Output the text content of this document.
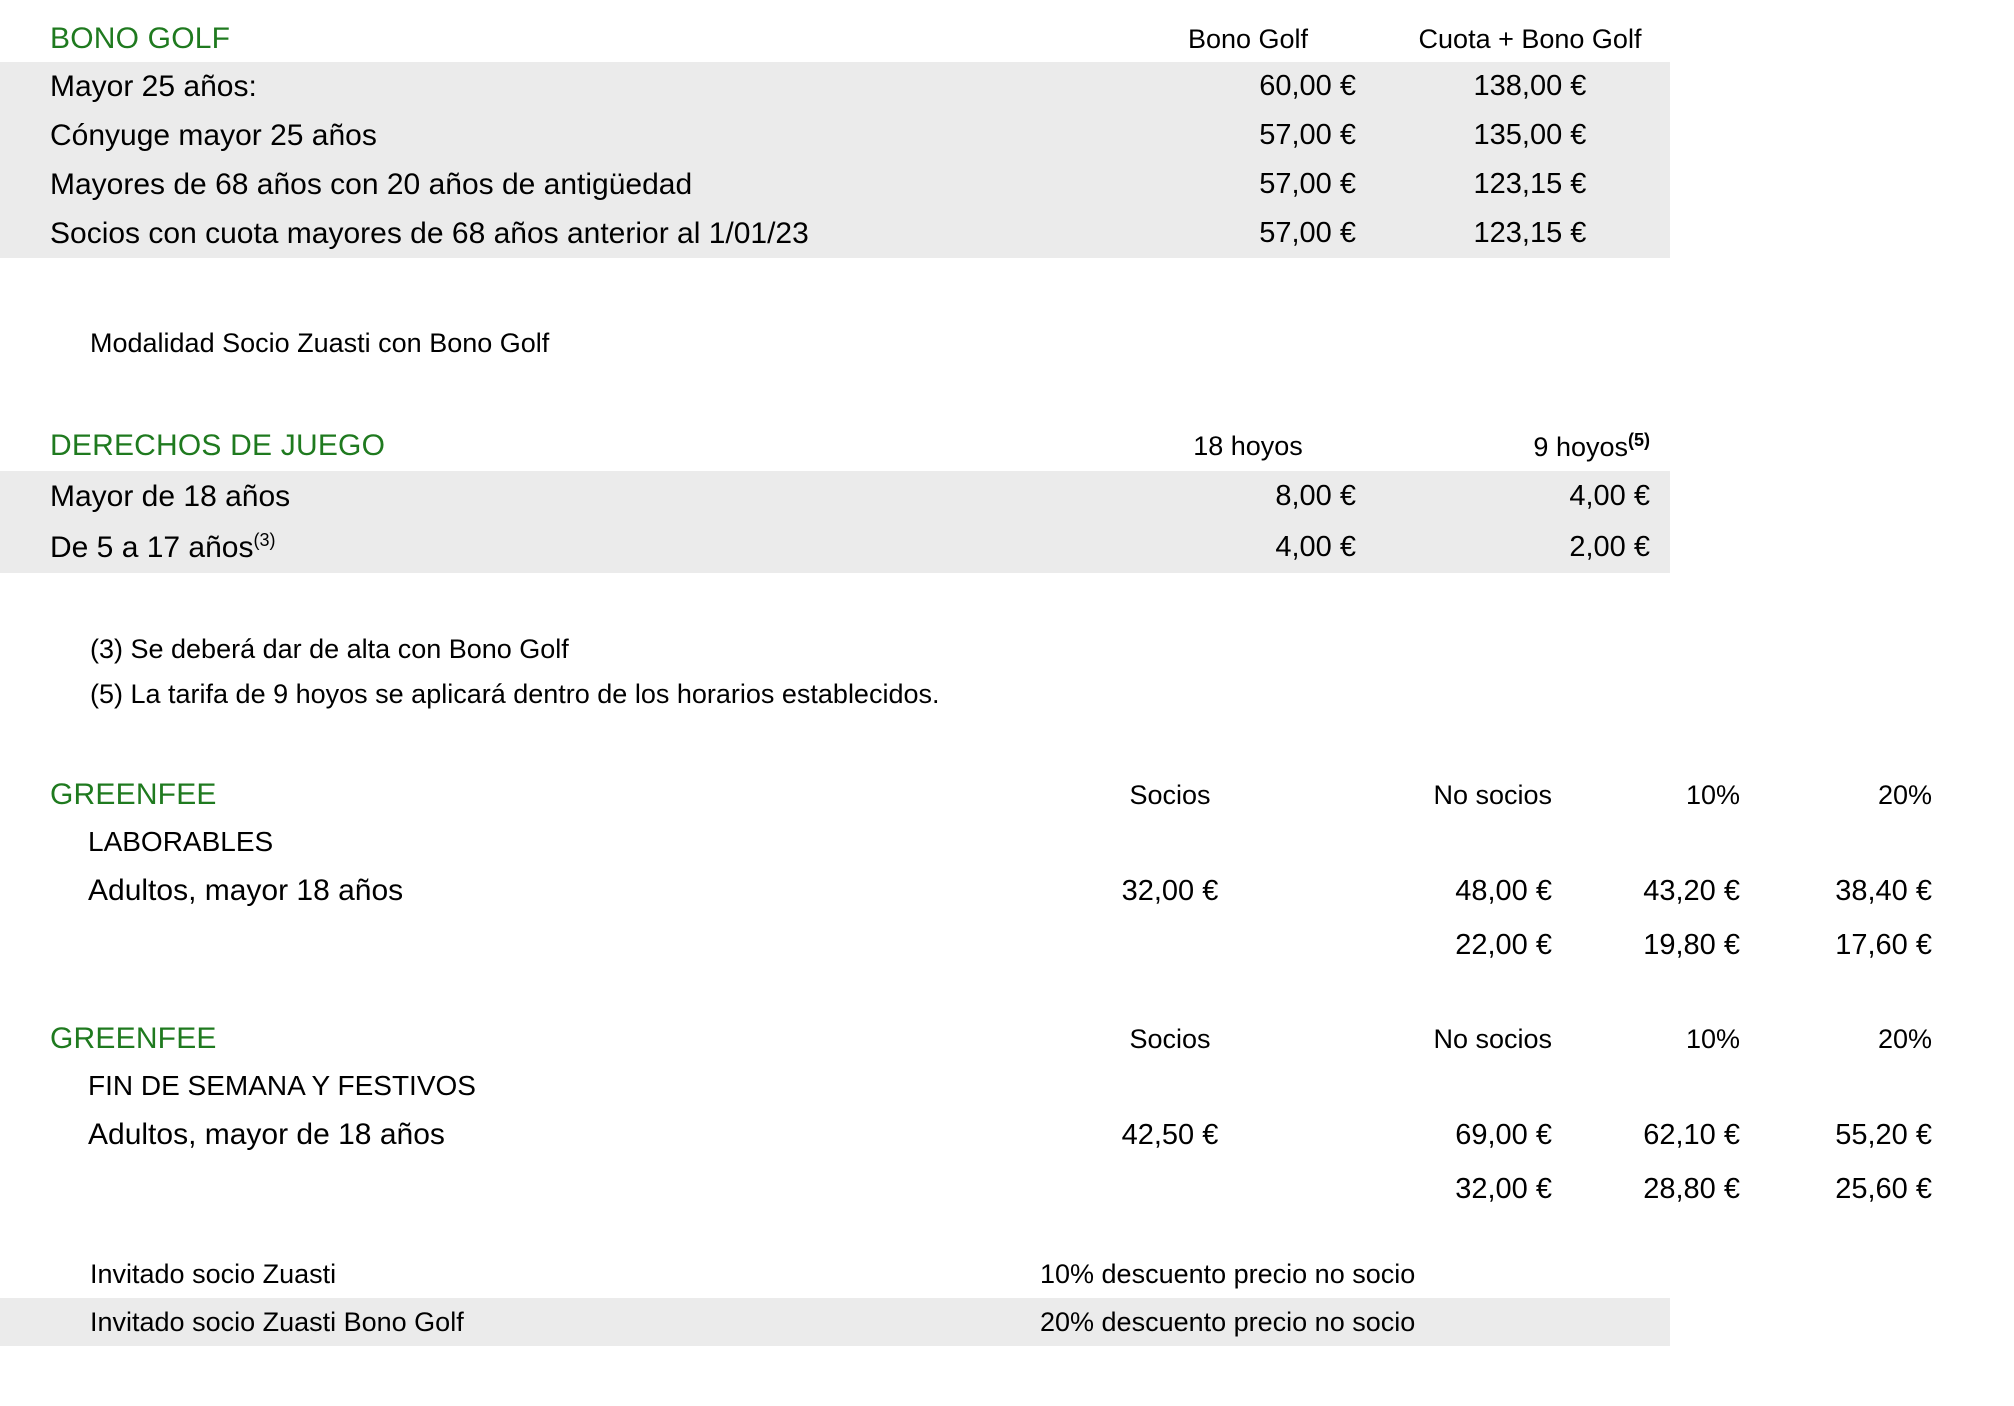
BONO GOLF	Bono Golf	Cuota + Bono Golf
Mayor 25 años:	60,00 €	138,00 €
Cónyuge mayor 25 años	57,00 €	135,00 €
Mayores de 68 años con 20 años de antigüedad	57,00 €	123,15 €
Socios con cuota mayores de 68 años anterior al 1/01/23	57,00 €	123,15 €
Modalidad Socio Zuasti con Bono Golf
DERECHOS DE JUEGO	18 hoyos	9 hoyos$^{(5)}$
Mayor de 18 años	8,00 €	4,00 €
De 5 a 17 años$^{(3)}$	4,00 €	2,00 €
(3) Se deberá dar de alta con Bono Golf
(5) La tarifa de 9 hoyos se aplicará dentro de los horarios establecidos.
GREENFEE	Socios	No socios	10%	20%
LABORABLES				
Adultos, mayor 18 años	32,00 €	48,00 €	43,20 €	38,40 €
		22,00 €	19,80 €	17,60 €
GREENFEE	Socios	No socios	10%	20%
FIN DE SEMANA Y FESTIVOS				
Adultos, mayor de 18 años	42,50 €	69,00 €	62,10 €	55,20 €
		32,00 €	28,80 €	25,60 €
Invitado socio Zuasti	10% descuento precio no socio
Invitado socio Zuasti Bono Golf	20% descuento precio no socio
